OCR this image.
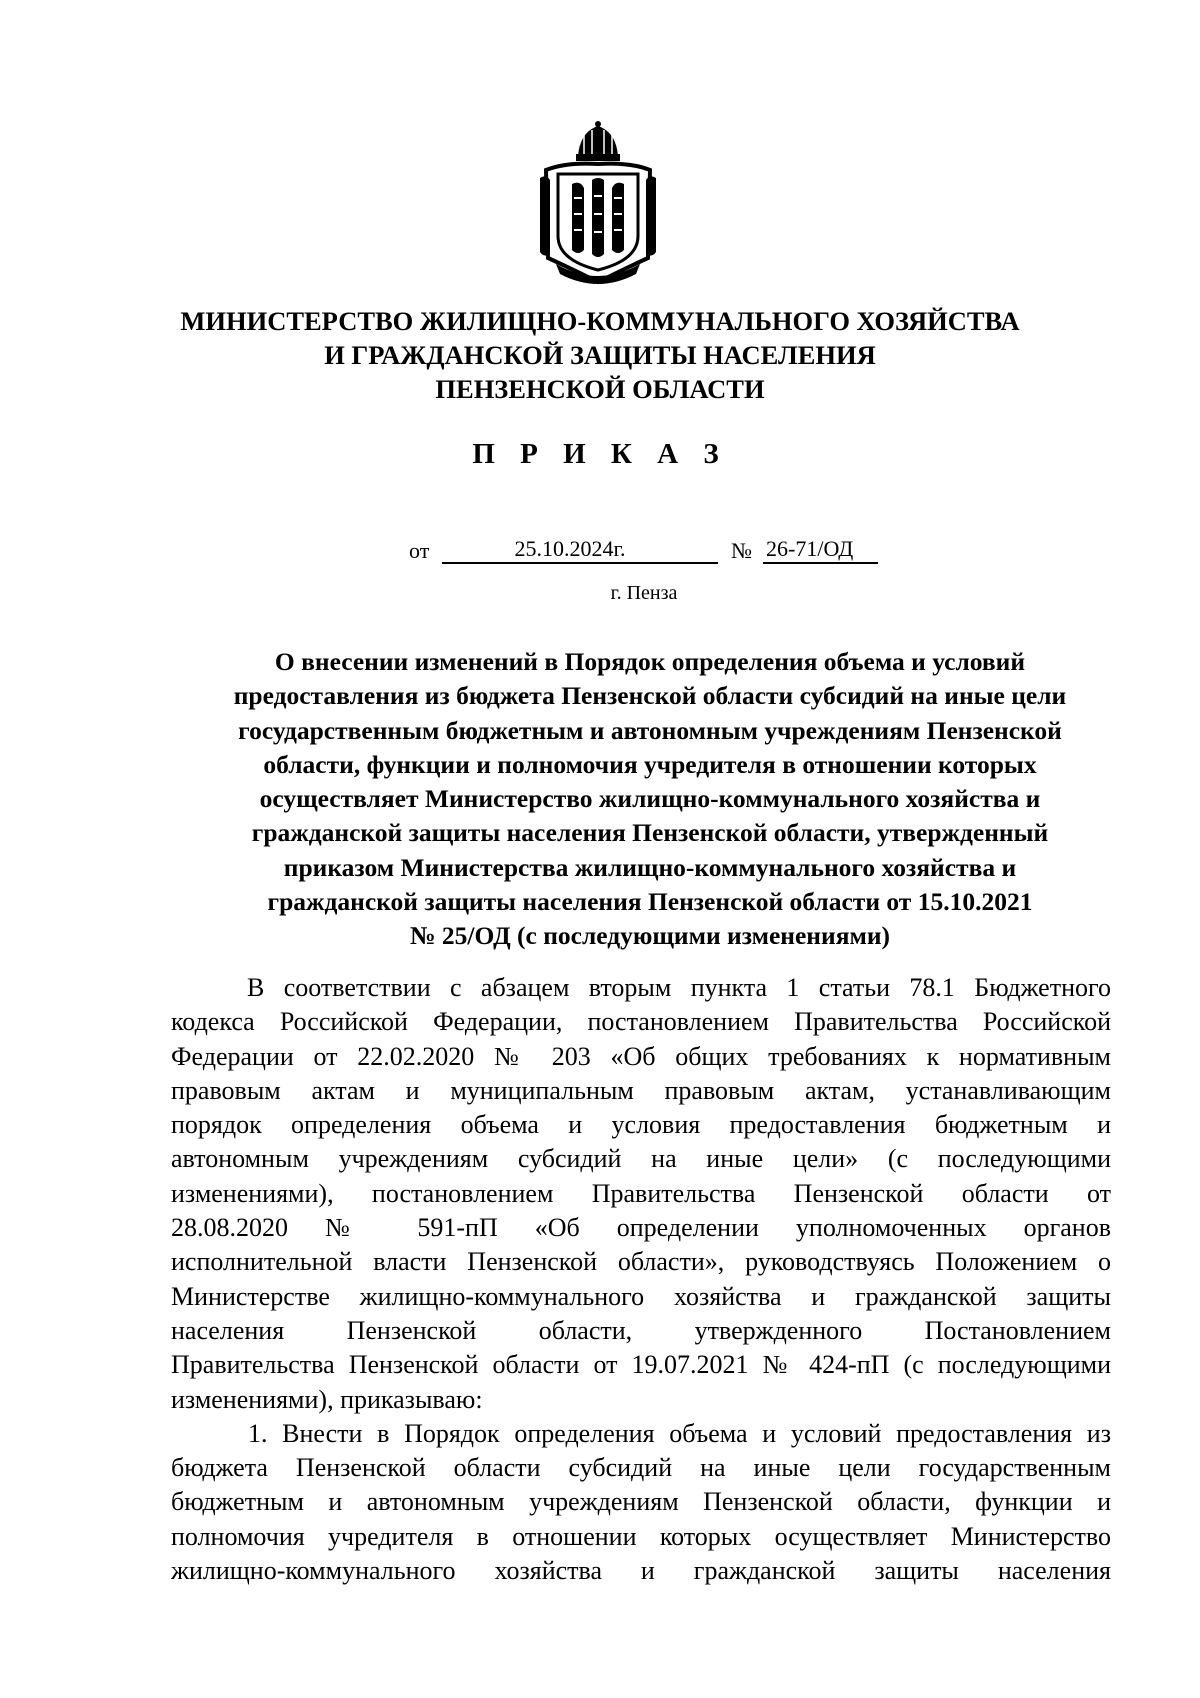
МИНИСТЕРСТВО ЖИЛИЩНО-КОММУНАЛЬНОГО ХОЗЯЙСТВА
И ГРАЖДАНСКОЙ ЗАЩИТЫ НАСЕЛЕНИЯ
ПЕНЗЕНСКОЙ ОБЛАСТИ
П Р И К А З
от	25.10.2024г.	№ 26-71/ОД
г. Пенза
О внесении изменений в Порядок определения объема и условий
предоставления из бюджета Пензенской области субсидий на иные цели
государственным бюджетным и автономным учреждениям Пензенской
области, функции и полномочия учредителя в отношении которых
осуществляет Министерство жилищно-коммунального хозяйства и
гражданской защиты населения Пензенской области, утвержденный
приказом Министерства жилищно-коммунального хозяйства и
гражданской защиты населения Пензенской области от 15.10.2021
№ 25/ОД (с последующими изменениями)
В соответствии с абзацем вторым пункта 1 статьи 78.1 Бюджетного
кодекса Российской Федерации, постановлением Правительства Российской
Федерации от 22.02.2020 № 203 «Об общих требованиях к нормативным
правовым актам и муниципальным правовым актам, устанавливающим
порядок определения объема и условия предоставления бюджетным и
автономным учреждениям субсидий на иные цели» (с последующими
изменениями), постановлением Правительства Пензенской области от
28.08.2020 № 591-пП «Об определении уполномоченных органов
исполнительной власти Пензенской области», руководствуясь Положением о
Министерстве жилищно-коммунального хозяйства и гражданской защиты
населения Пензенской области, утвержденного Постановлением
Правительства Пензенской области от 19.07.2021 № 424-пП (с последующими
изменениями), приказываю:
1. Внести в Порядок определения объема и условий предоставления из
бюджета Пензенской области субсидий на иные цели государственным
бюджетным и автономным учреждениям Пензенской области, функции и
полномочия учредителя в отношении которых осуществляет Министерство
жилищно-коммунального хозяйства и гражданской защиты населения
